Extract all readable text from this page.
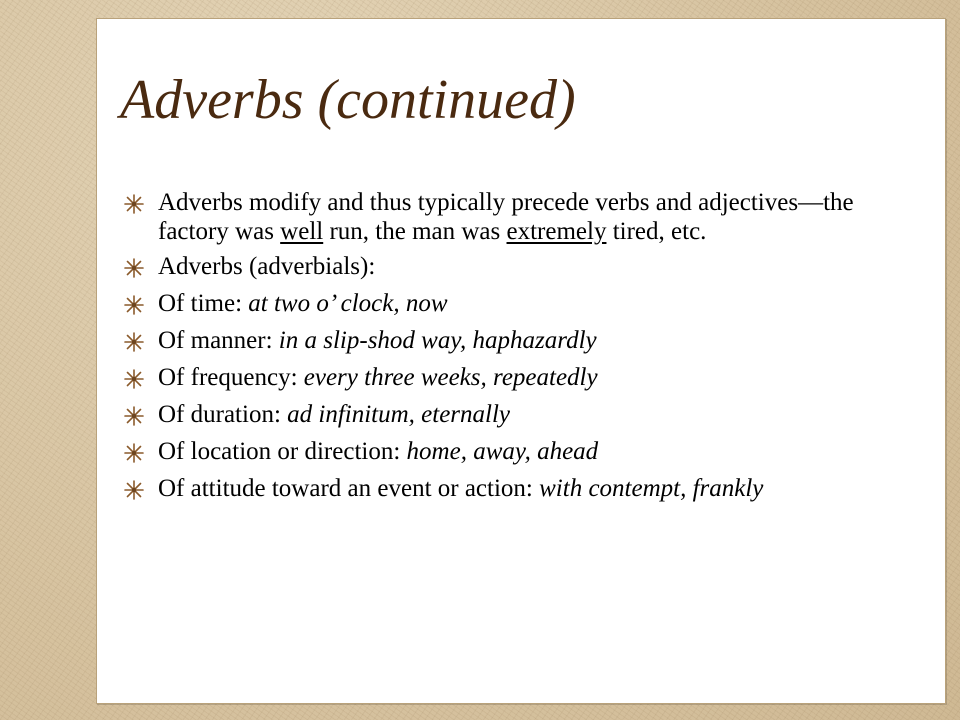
Adverbs (continued)
Adverbs modify and thus typically precede verbs and adjectives—the factory was well run, the man was extremely tired, etc.
Adverbs (adverbials):
Of time: at two o’ clock, now
Of manner: in a slip-shod way, haphazardly
Of frequency: every three weeks, repeatedly
Of duration: ad infinitum, eternally
Of location or direction: home, away, ahead
Of attitude toward an event or action: with contempt, frankly
